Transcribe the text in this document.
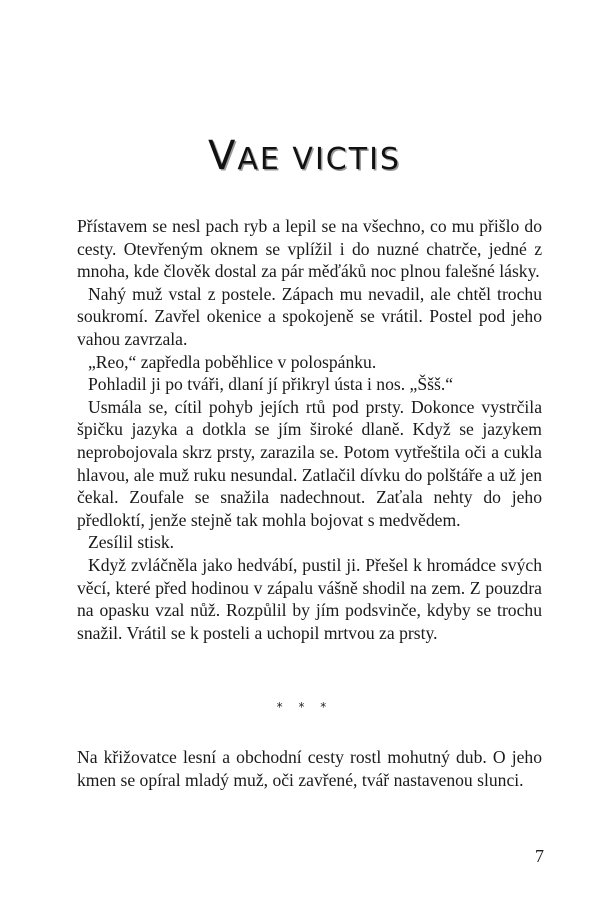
VAE VICTIS

Přístavem se nesl pach ryb a lepil se na všechno, co mu přišlo do cesty. Otevřeným oknem se vplížil i do nuzné chatrče, jedné z mnoha, kde člověk dostal za pár měďáků noc plnou falešné lásky.

Nahý muž vstal z postele. Zápach mu nevadil, ale chtěl trochu soukromí. Zavřel okenice a spokojeně se vrátil. Postel pod jeho vahou zavrzala.

„Reo,“ zapředla poběhlice v polospánku.

Pohladil ji po tváři, dlaní jí přikryl ústa i nos. „Ššš.“

Usmála se, cítil pohyb jejích rtů pod prsty. Dokonce vystrčila špičku jazyka a dotkla se jím široké dlaně. Když se jazykem neprobojovala skrz prsty, zarazila se. Potom vytřeštila oči a cukla hlavou, ale muž ruku nesundal. Zatlačil dívku do polštáře a už jen čekal. Zoufale se snažila nadechnout. Zaťala nehty do jeho předloktí, jenže stejně tak mohla bojovat s medvědem.

Zesílil stisk.

Když zvláčněla jako hedvábí, pustil ji. Přešel k hromádce svých věcí, které před hodinou v zápalu vášně shodil na zem. Z pouzdra na opasku vzal nůž. Rozpůlil by jím podsvinče, kdyby se trochu snažil. Vrátil se k posteli a uchopil mrtvou za prsty.

* * *

Na křižovatce lesní a obchodní cesty rostl mohutný dub. O jeho kmen se opíral mladý muž, oči zavřené, tvář nastavenou slunci.

7
